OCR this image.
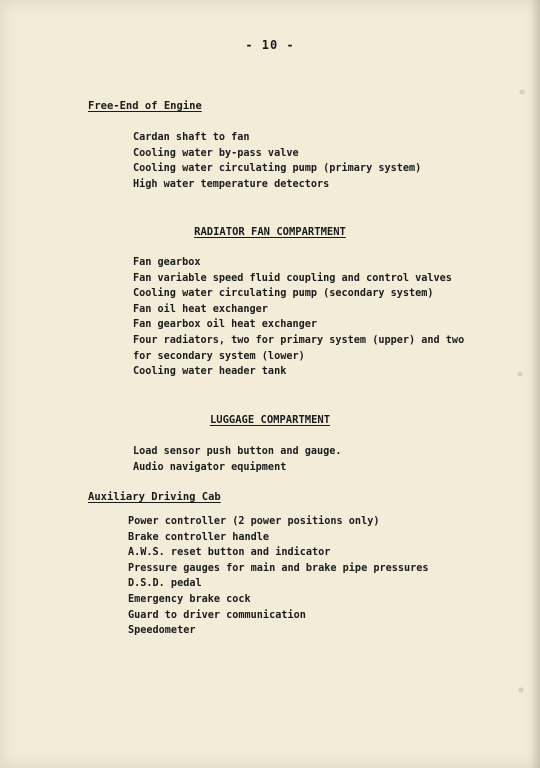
- 10 -
Free-End of Engine
Cardan shaft to fan
Cooling water by-pass valve
Cooling water circulating pump (primary system)
High water temperature detectors
RADIATOR FAN COMPARTMENT
Fan gearbox
Fan variable speed fluid coupling and control valves
Cooling water circulating pump (secondary system)
Fan oil heat exchanger
Fan gearbox oil heat exchanger
Four radiators, two for primary system (upper) and two for secondary system (lower)
Cooling water header tank
LUGGAGE COMPARTMENT
Load sensor push button and gauge.
Audio navigator equipment
Auxiliary Driving Cab
Power controller (2 power positions only)
Brake controller handle
A.W.S. reset button and indicator
Pressure gauges for main and brake pipe pressures
D.S.D. pedal
Emergency brake cock
Guard to driver communication
Speedometer
